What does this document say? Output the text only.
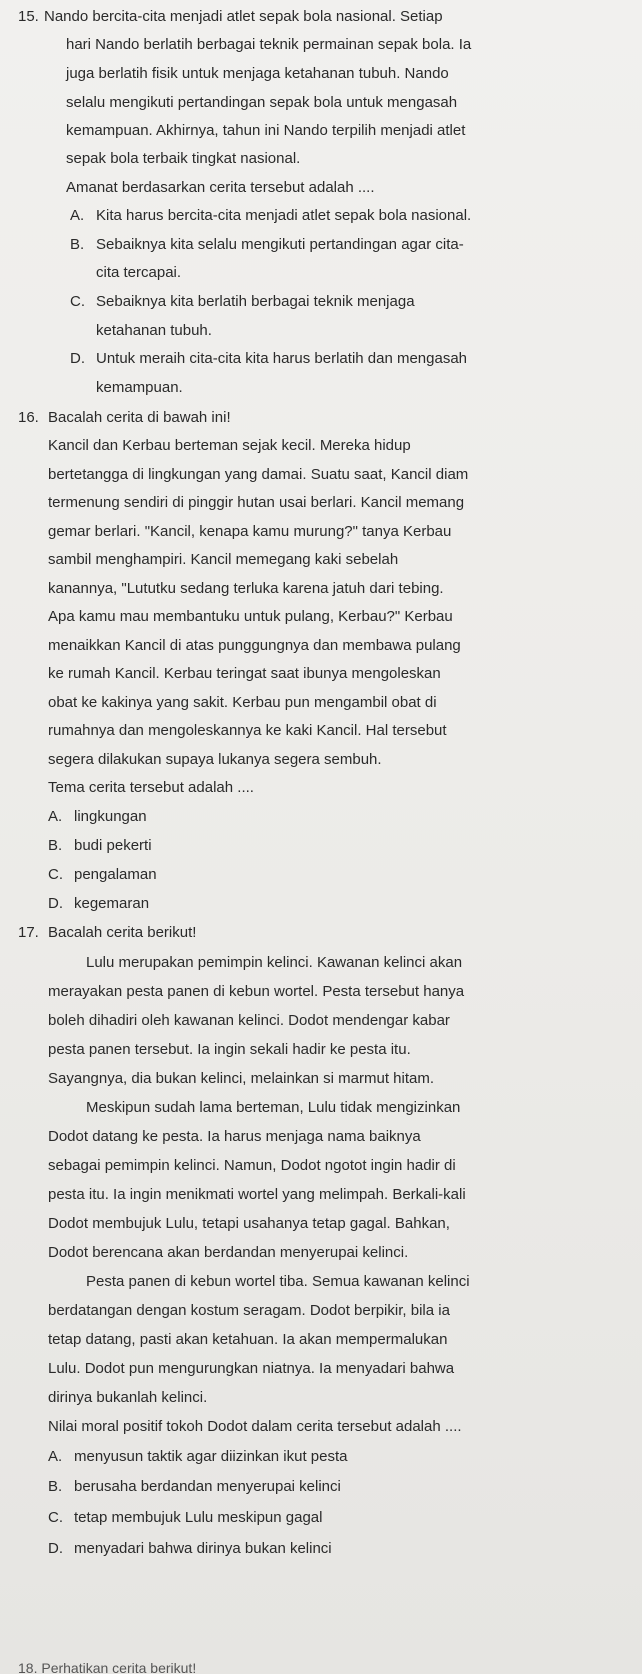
15. Nando bercita-cita menjadi atlet sepak bola nasional. Setiap
hari Nando berlatih berbagai teknik permainan sepak bola. Ia
juga berlatih fisik untuk menjaga ketahanan tubuh. Nando
selalu mengikuti pertandingan sepak bola untuk mengasah
kemampuan. Akhirnya, tahun ini Nando terpilih menjadi atlet
sepak bola terbaik tingkat nasional.
Amanat berdasarkan cerita tersebut adalah ....
A. Kita harus bercita-cita menjadi atlet sepak bola nasional.
B. Sebaiknya kita selalu mengikuti pertandingan agar cita-
cita tercapai.
C. Sebaiknya kita berlatih berbagai teknik menjaga
ketahanan tubuh.
D. Untuk meraih cita-cita kita harus berlatih dan mengasah
kemampuan.
16. Bacalah cerita di bawah ini!
Kancil dan Kerbau berteman sejak kecil. Mereka hidup
bertetangga di lingkungan yang damai. Suatu saat, Kancil diam
termenung sendiri di pinggir hutan usai berlari. Kancil memang
gemar berlari. "Kancil, kenapa kamu murung?" tanya Kerbau
sambil menghampiri. Kancil memegang kaki sebelah
kanannya, "Lututku sedang terluka karena jatuh dari tebing.
Apa kamu mau membantuku untuk pulang, Kerbau?" Kerbau
menaikkan Kancil di atas punggungnya dan membawa pulang
ke rumah Kancil. Kerbau teringat saat ibunya mengoleskan
obat ke kakinya yang sakit. Kerbau pun mengambil obat di
rumahnya dan mengoleskannya ke kaki Kancil. Hal tersebut
segera dilakukan supaya lukanya segera sembuh.
Tema cerita tersebut adalah ....
A. lingkungan
B. budi pekerti
C. pengalaman
D. kegemaran
17. Bacalah cerita berikut!
Lulu merupakan pemimpin kelinci. Kawanan kelinci akan
merayakan pesta panen di kebun wortel. Pesta tersebut hanya
boleh dihadiri oleh kawanan kelinci. Dodot mendengar kabar
pesta panen tersebut. Ia ingin sekali hadir ke pesta itu.
Sayangnya, dia bukan kelinci, melainkan si marmut hitam.
Meskipun sudah lama berteman, Lulu tidak mengizinkan
Dodot datang ke pesta. Ia harus menjaga nama baiknya
sebagai pemimpin kelinci. Namun, Dodot ngotot ingin hadir di
pesta itu. Ia ingin menikmati wortel yang melimpah. Berkali-kali
Dodot membujuk Lulu, tetapi usahanya tetap gagal. Bahkan,
Dodot berencana akan berdandan menyerupai kelinci.
Pesta panen di kebun wortel tiba. Semua kawanan kelinci
berdatangan dengan kostum seragam. Dodot berpikir, bila ia
tetap datang, pasti akan ketahuan. Ia akan mempermalukan
Lulu. Dodot pun mengurungkan niatnya. Ia menyadari bahwa
dirinya bukanlah kelinci.
Nilai moral positif tokoh Dodot dalam cerita tersebut adalah ....
A. menyusun taktik agar diizinkan ikut pesta
B. berusaha berdandan menyerupai kelinci
C. tetap membujuk Lulu meskipun gagal
D. menyadari bahwa dirinya bukan kelinci
18. Perhatikan cerita berikut!
